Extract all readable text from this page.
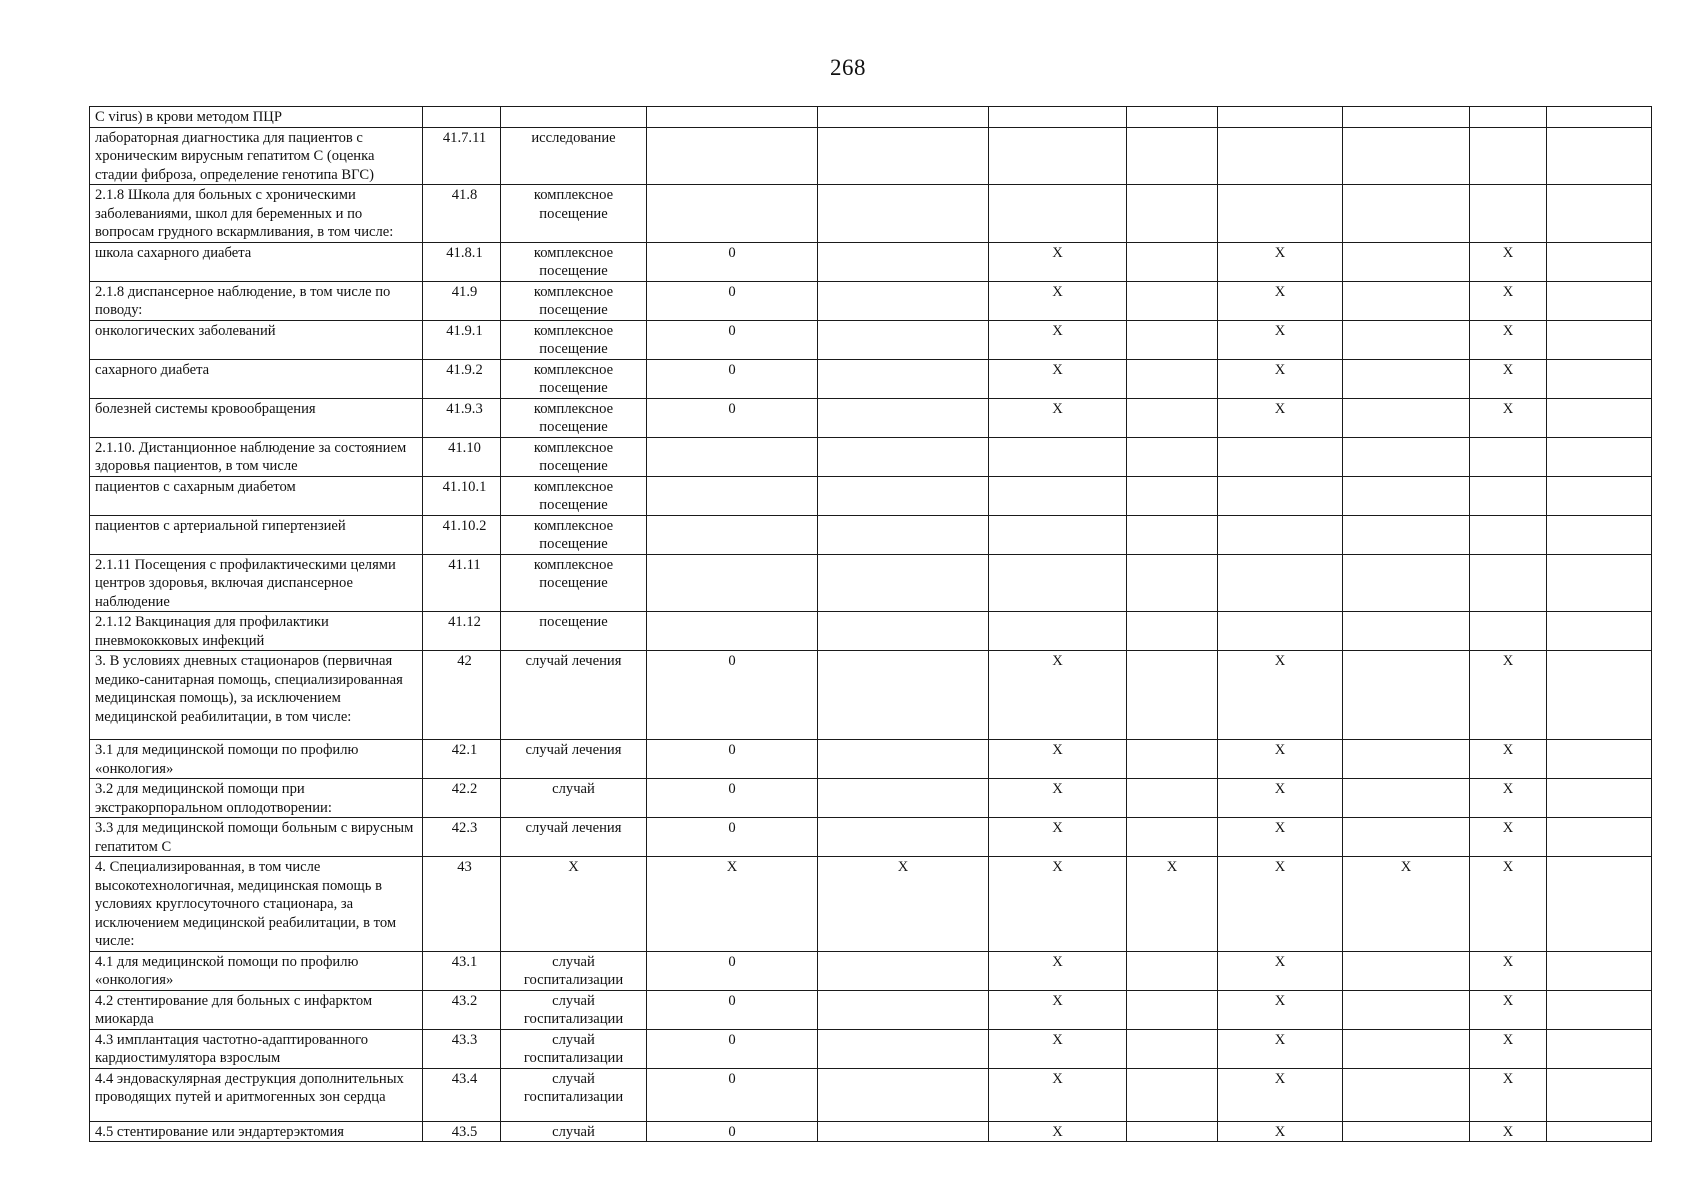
268
С virus) в крови методом ПЦР										
лабораторная диагностика для пациентов с хроническим вирусным гепатитом С (оценка стадии фиброза, определение генотипа ВГС)	41.7.11	исследование								
2.1.8 Школа для больных с хроническими заболеваниями, школ для беременных и по вопросам грудного вскармливания, в том числе:	41.8	комплексное посещение								
школа сахарного диабета	41.8.1	комплексное посещение	0		Х		Х		Х	
2.1.8 диспансерное наблюдение, в том числе по поводу:	41.9	комплексное посещение	0		Х		Х		Х	
онкологических заболеваний	41.9.1	комплексное посещение	0		Х		Х		Х	
сахарного диабета	41.9.2	комплексное посещение	0		Х		Х		Х	
болезней системы кровообращения	41.9.3	комплексное посещение	0		Х		Х		Х	
2.1.10. Дистанционное наблюдение за состоянием здоровья пациентов, в том числе	41.10	комплексное посещение								
пациентов с сахарным диабетом	41.10.1	комплексное посещение								
пациентов с артериальной гипертензией	41.10.2	комплексное посещение								
2.1.11 Посещения с профилактическими целями центров здоровья, включая диспансерное наблюдение	41.11	комплексное посещение								
2.1.12 Вакцинация для профилактики пневмококковых инфекций	41.12	посещение								
3. В условиях дневных стационаров (первичная медико-санитарная помощь, специализированная медицинская помощь), за исключением медицинской реабилитации, в том числе:	42	случай лечения	0		Х		Х		Х	
3.1 для медицинской помощи по профилю «онкология»	42.1	случай лечения	0		Х		Х		Х	
3.2 для медицинской помощи при экстракорпоральном оплодотворении:	42.2	случай	0		Х		Х		Х	
3.3 для медицинской помощи больным с вирусным гепатитом С	42.3	случай лечения	0		Х		Х		Х	
4. Специализированная, в том числе высокотехнологичная, медицинская помощь в условиях круглосуточного стационара, за исключением медицинской реабилитации, в том числе:	43	Х	Х	Х	Х	Х	Х	Х	Х	
4.1 для медицинской помощи по профилю «онкология»	43.1	случай госпитализации	0		Х		Х		Х	
4.2 стентирование для больных с инфарктом миокарда	43.2	случай госпитализации	0		Х		Х		Х	
4.3 имплантация частотно-адаптированного кардиостимулятора взрослым	43.3	случай госпитализации	0		Х		Х		Х	
4.4 эндоваскулярная деструкция дополнительных проводящих путей и аритмогенных зон сердца	43.4	случай госпитализации	0		Х		Х		Х	
4.5 стентирование или эндартерэктомия	43.5	случай	0		Х		Х		Х	
